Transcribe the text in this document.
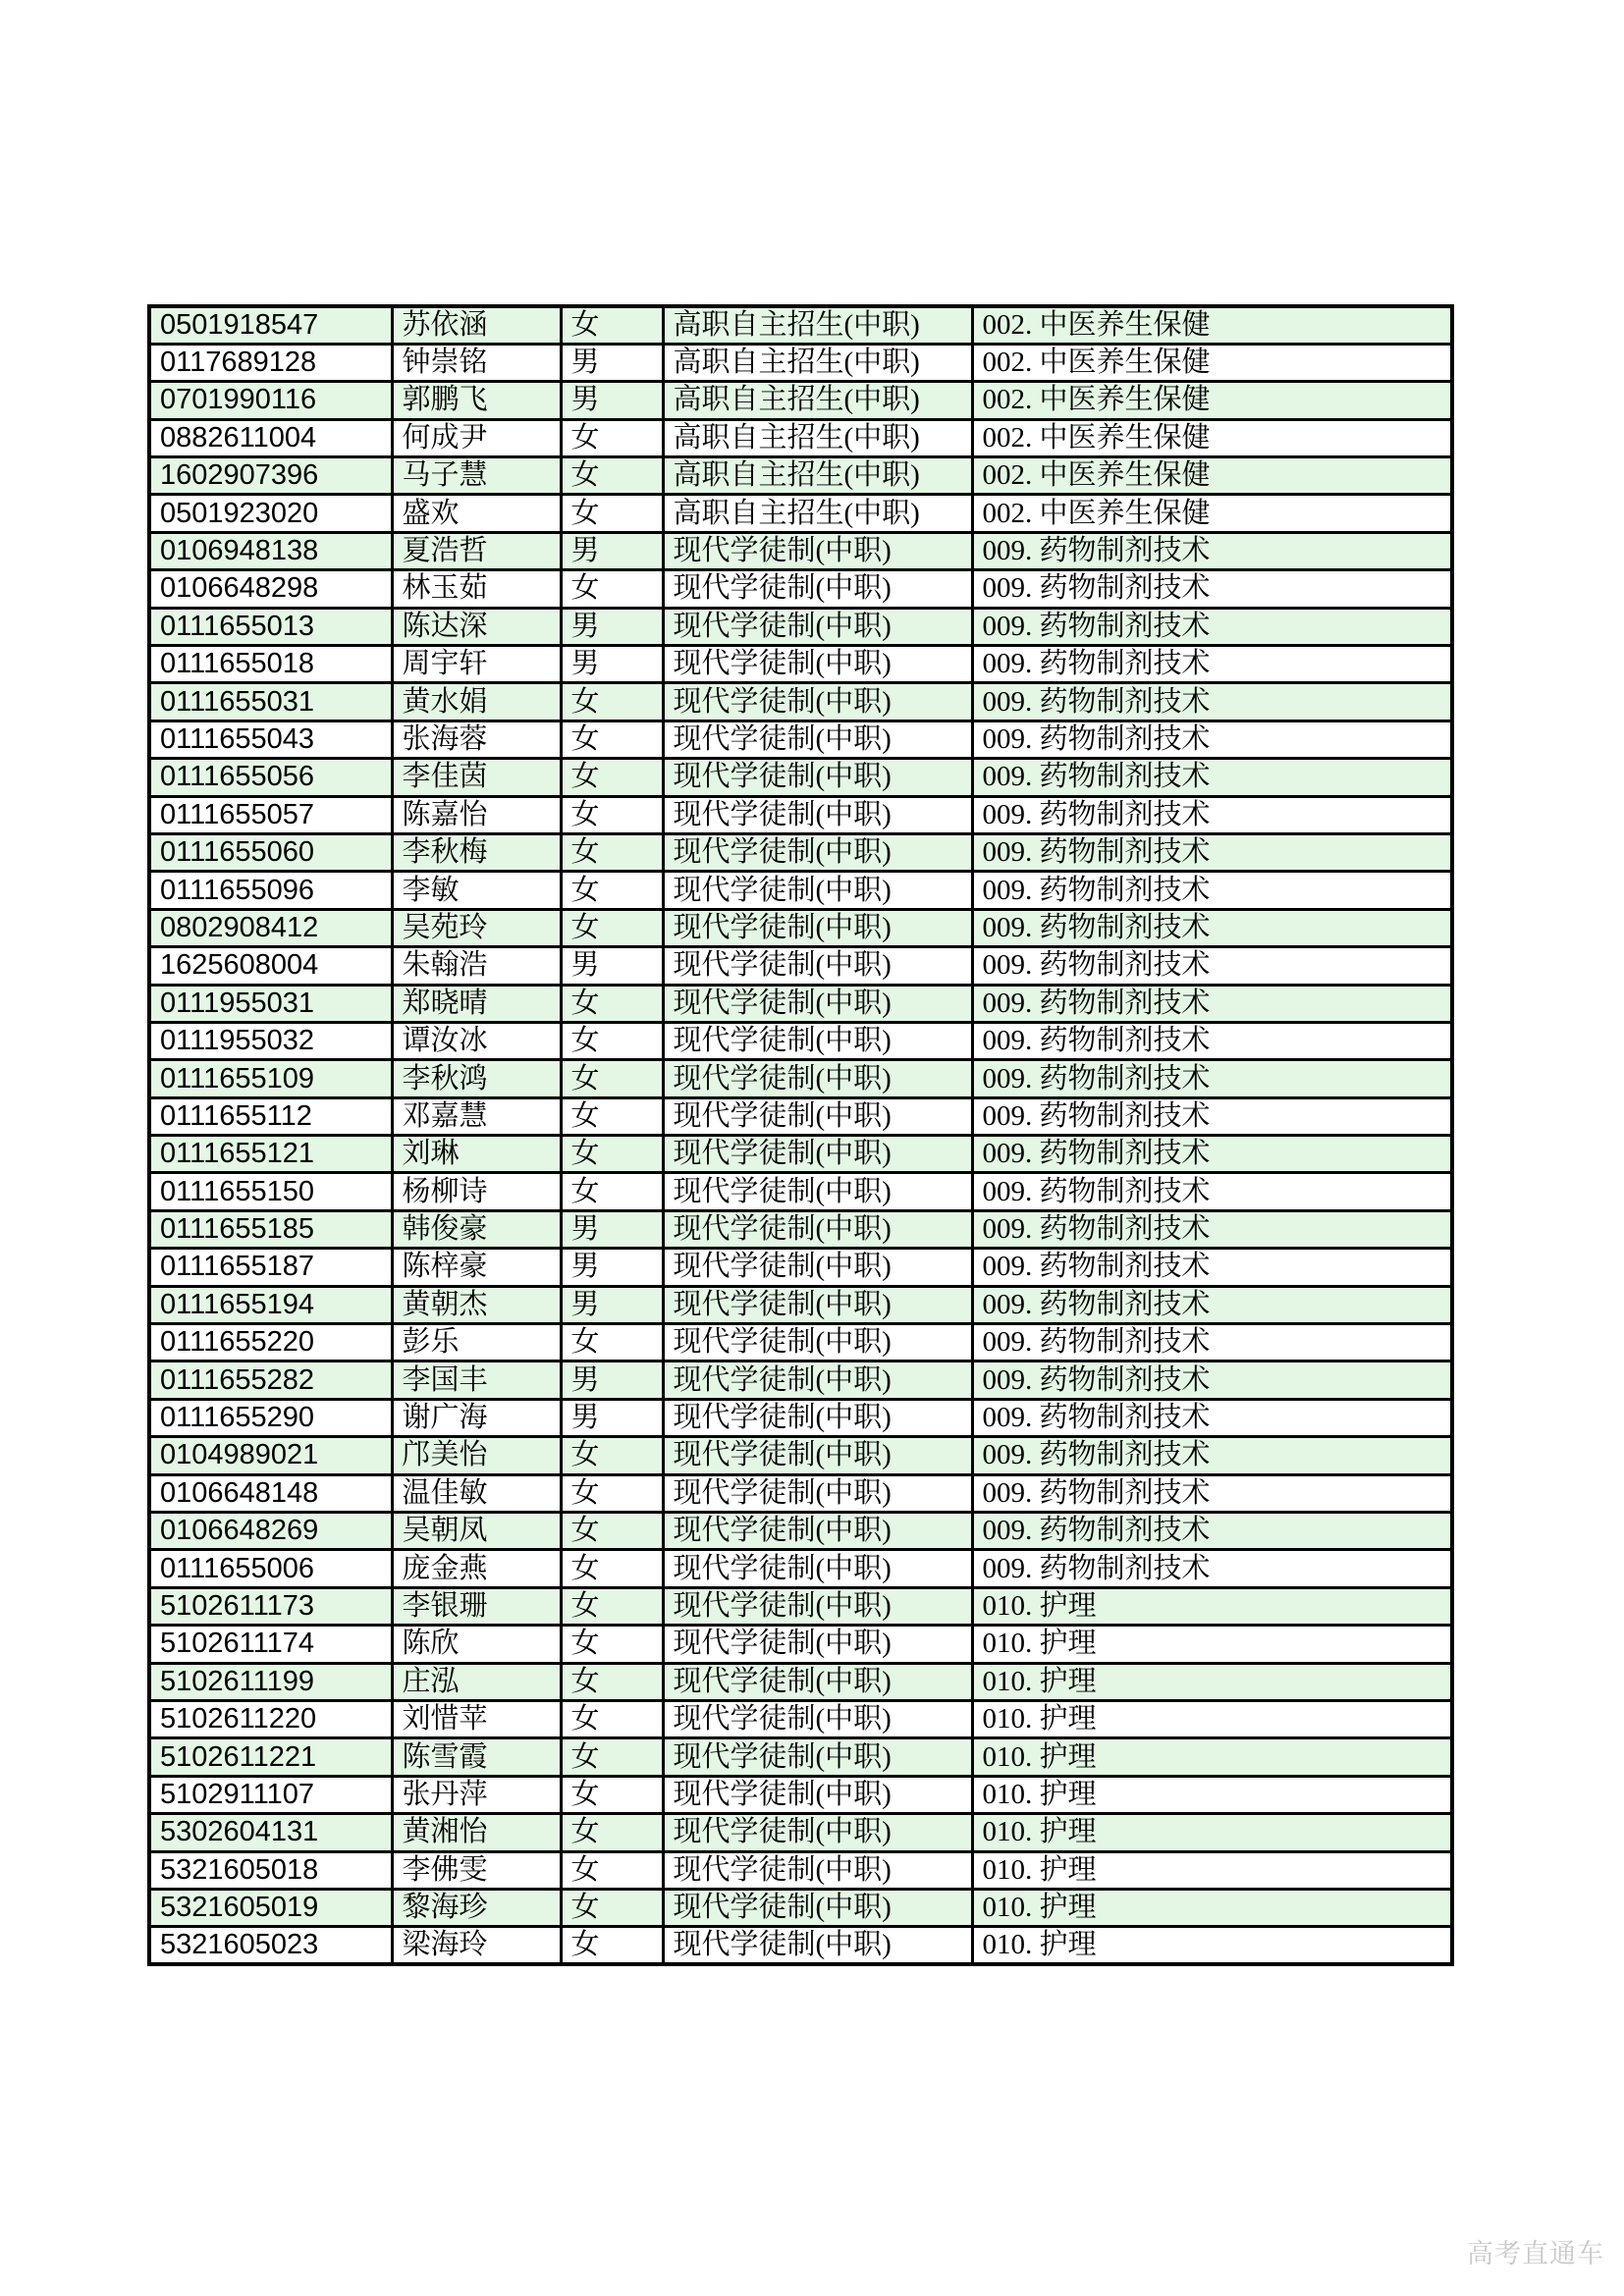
0501918547	苏依涵	女	高职自主招生(中职)	002. 中医养生保健
0117689128	钟崇铭	男	高职自主招生(中职)	002. 中医养生保健
0701990116	郭鹏飞	男	高职自主招生(中职)	002. 中医养生保健
0882611004	何成尹	女	高职自主招生(中职)	002. 中医养生保健
1602907396	马子慧	女	高职自主招生(中职)	002. 中医养生保健
0501923020	盛欢	女	高职自主招生(中职)	002. 中医养生保健
0106948138	夏浩哲	男	现代学徒制(中职)	009. 药物制剂技术
0106648298	林玉茹	女	现代学徒制(中职)	009. 药物制剂技术
0111655013	陈达深	男	现代学徒制(中职)	009. 药物制剂技术
0111655018	周宇轩	男	现代学徒制(中职)	009. 药物制剂技术
0111655031	黄水娟	女	现代学徒制(中职)	009. 药物制剂技术
0111655043	张海蓉	女	现代学徒制(中职)	009. 药物制剂技术
0111655056	李佳茵	女	现代学徒制(中职)	009. 药物制剂技术
0111655057	陈嘉怡	女	现代学徒制(中职)	009. 药物制剂技术
0111655060	李秋梅	女	现代学徒制(中职)	009. 药物制剂技术
0111655096	李敏	女	现代学徒制(中职)	009. 药物制剂技术
0802908412	吴苑玲	女	现代学徒制(中职)	009. 药物制剂技术
1625608004	朱翰浩	男	现代学徒制(中职)	009. 药物制剂技术
0111955031	郑晓晴	女	现代学徒制(中职)	009. 药物制剂技术
0111955032	谭汝冰	女	现代学徒制(中职)	009. 药物制剂技术
0111655109	李秋鸿	女	现代学徒制(中职)	009. 药物制剂技术
0111655112	邓嘉慧	女	现代学徒制(中职)	009. 药物制剂技术
0111655121	刘琳	女	现代学徒制(中职)	009. 药物制剂技术
0111655150	杨柳诗	女	现代学徒制(中职)	009. 药物制剂技术
0111655185	韩俊豪	男	现代学徒制(中职)	009. 药物制剂技术
0111655187	陈梓豪	男	现代学徒制(中职)	009. 药物制剂技术
0111655194	黄朝杰	男	现代学徒制(中职)	009. 药物制剂技术
0111655220	彭乐	女	现代学徒制(中职)	009. 药物制剂技术
0111655282	李国丰	男	现代学徒制(中职)	009. 药物制剂技术
0111655290	谢广海	男	现代学徒制(中职)	009. 药物制剂技术
0104989021	邝美怡	女	现代学徒制(中职)	009. 药物制剂技术
0106648148	温佳敏	女	现代学徒制(中职)	009. 药物制剂技术
0106648269	吴朝凤	女	现代学徒制(中职)	009. 药物制剂技术
0111655006	庞金燕	女	现代学徒制(中职)	009. 药物制剂技术
5102611173	李银珊	女	现代学徒制(中职)	010. 护理
5102611174	陈欣	女	现代学徒制(中职)	010. 护理
5102611199	庄泓	女	现代学徒制(中职)	010. 护理
5102611220	刘惜苹	女	现代学徒制(中职)	010. 护理
5102611221	陈雪霞	女	现代学徒制(中职)	010. 护理
5102911107	张丹萍	女	现代学徒制(中职)	010. 护理
5302604131	黄湘怡	女	现代学徒制(中职)	010. 护理
5321605018	李佛雯	女	现代学徒制(中职)	010. 护理
5321605019	黎海珍	女	现代学徒制(中职)	010. 护理
5321605023	梁海玲	女	现代学徒制(中职)	010. 护理
高考直通车
